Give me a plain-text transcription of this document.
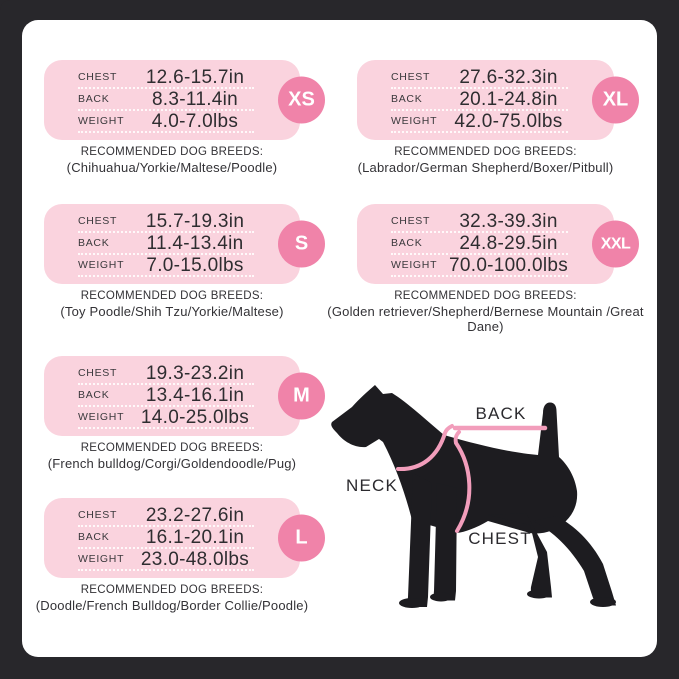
CHEST	12.6-15.7in
BACK	8.3-11.4in
WEIGHT	4.0-7.0lbs
XS
RECOMMENDED DOG BREEDS:
(Chihuahua/Yorkie/Maltese/Poodle)
CHEST	15.7-19.3in
BACK	11.4-13.4in
WEIGHT	7.0-15.0lbs
S
RECOMMENDED DOG BREEDS:
(Toy Poodle/Shih Tzu/Yorkie/Maltese)
CHEST	19.3-23.2in
BACK	13.4-16.1in
WEIGHT 14.0-25.0lbs
M
RECOMMENDED DOG BREEDS:
(French bulldog/Corgi/Goldendoodle/Pug)
CHEST	23.2-27.6in
BACK	16.1-20.1in
WEIGHT 23.0-48.0lbs
L
RECOMMENDED DOG BREEDS:
(Doodle/French Bulldog/Border Collie/Poodle)
CHEST	27.6-32.3in
BACK	20.1-24.8in
WEIGHT 42.0-75.0lbs
XL
RECOMMENDED DOG BREEDS:
(Labrador/German Shepherd/Boxer/Pitbull)
CHEST	32.3-39.3in
BACK	24.8-29.5in
WEIGHT 70.0-100.0lbs
XXL
RECOMMENDED DOG BREEDS:
(Golden retriever/Shepherd/Bernese Mountain /Great Dane)
BACK
NECK
CHEST
